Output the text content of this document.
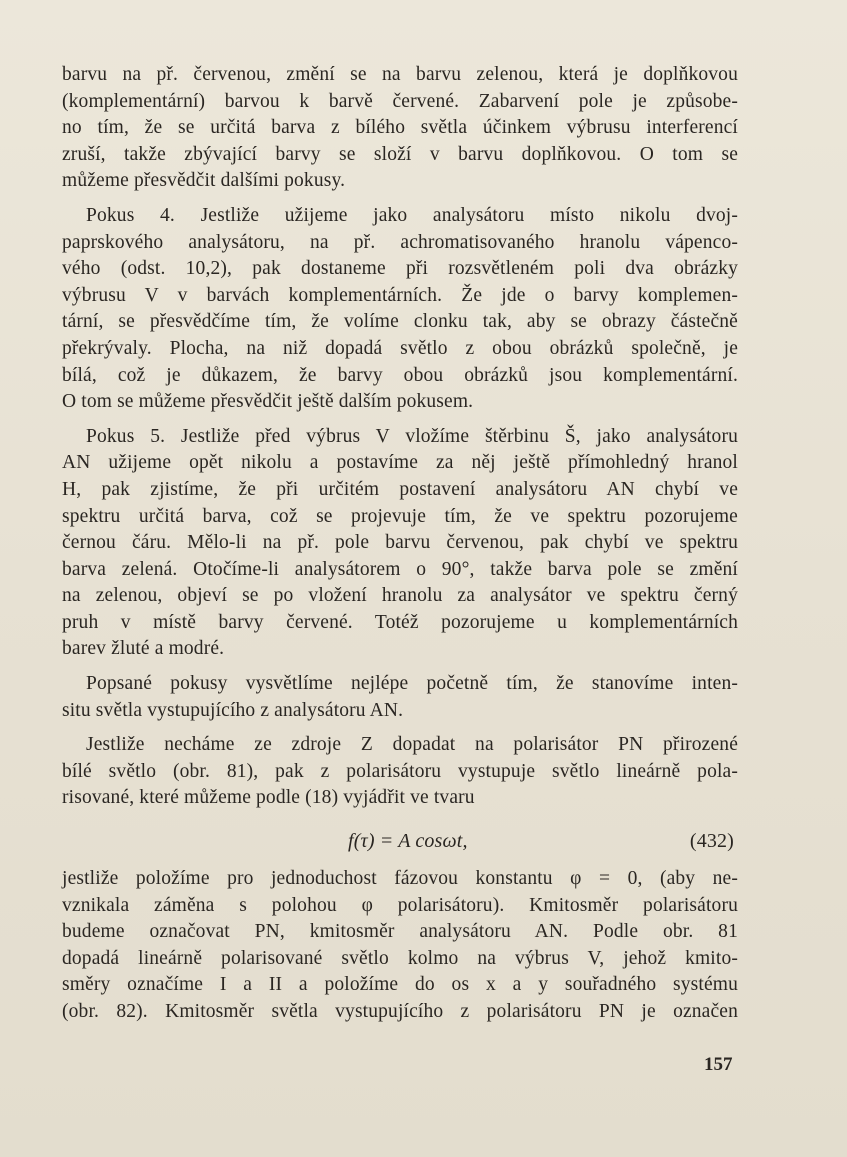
barvu na př. červenou, změní se na barvu zelenou, která je doplňkovou
(komplementární) barvou k barvě červené. Zabarvení pole je způsobe-
no tím, že se určitá barva z bílého světla účinkem výbrusu interferencí
zruší, takže zbývající barvy se složí v barvu doplňkovou. O tom se
můžeme přesvědčit dalšími pokusy.
Pokus 4. Jestliže užijeme jako analysátoru místo nikolu dvoj-
paprskového analysátoru, na př. achromatisovaného hranolu vápenco-
vého (odst. 10,2), pak dostaneme při rozsvětleném poli dva obrázky
výbrusu V v barvách komplementárních. Že jde o barvy komplemen-
tární, se přesvědčíme tím, že volíme clonku tak, aby se obrazy částečně
překrývaly. Plocha, na niž dopadá světlo z obou obrázků společně, je
bílá, což je důkazem, že barvy obou obrázků jsou komplementární.
O tom se můžeme přesvědčit ještě dalším pokusem.
Pokus 5. Jestliže před výbrus V vložíme štěrbinu Š, jako analysátoru
AN užijeme opět nikolu a postavíme za něj ještě přímohledný hranol
H, pak zjistíme, že při určitém postavení analysátoru AN chybí ve
spektru určitá barva, což se projevuje tím, že ve spektru pozorujeme
černou čáru. Mělo-li na př. pole barvu červenou, pak chybí ve spektru
barva zelená. Otočíme-li analysátorem o 90°, takže barva pole se změní
na zelenou, objeví se po vložení hranolu za analysátor ve spektru černý
pruh v místě barvy červené. Totéž pozorujeme u komplementárních
barev žluté a modré.
Popsané pokusy vysvětlíme nejlépe početně tím, že stanovíme inten-
situ světla vystupujícího z analysátoru AN.
Jestliže necháme ze zdroje Z dopadat na polarisátor PN přirozené
bílé světlo (obr. 81), pak z polarisátoru vystupuje světlo lineárně pola-
risované, které můžeme podle (18) vyjádřit ve tvaru
f(τ) = A cosωt,	(432)
jestliže položíme pro jednoduchost fázovou konstantu φ = 0, (aby ne-
vznikala záměna s polohou φ polarisátoru). Kmitosměr polarisátoru
budeme označovat PN, kmitosměr analysátoru AN. Podle obr. 81
dopadá lineárně polarisované světlo kolmo na výbrus V, jehož kmito-
směry označíme I a II a položíme do os x a y souřadného systému
(obr. 82). Kmitosměr světla vystupujícího z polarisátoru PN je označen
157
